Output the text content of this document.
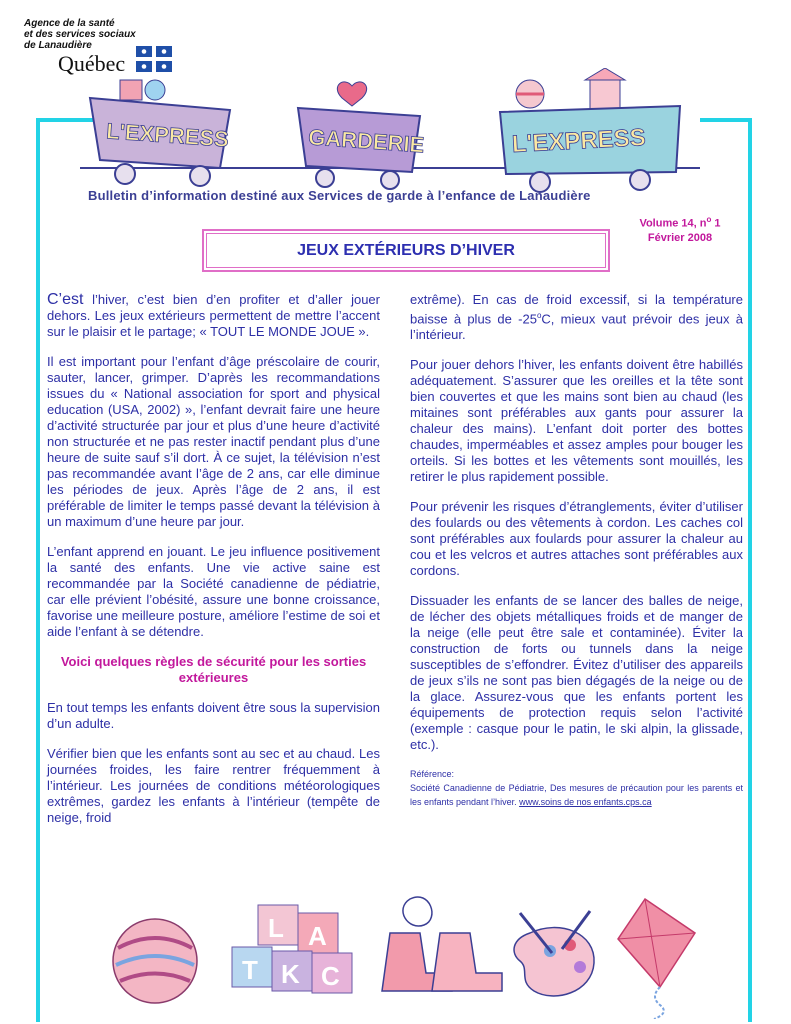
Agence de la santé
et des services sociaux
de Lanaudière
Québec
L'EXPRESS	GARDERIE	L'EXPRESS
Bulletin d’information destiné aux Services de garde à l’enfance de Lanaudière
Volume 14, $n^o$ 1
Février 2008
JEUX EXTÉRIEURS D’HIVER

C’est l’hiver, c’est bien d’en profiter et d’aller jouer dehors. Les jeux extérieurs permettent de mettre l’accent sur le plaisir et le partage; « TOUT LE MONDE JOUE ».

Il est important pour l’enfant d’âge préscolaire de courir, sauter, lancer, grimper. D’après les recommandations issues du « National association for sport and physical education (USA, 2002) », l’enfant devrait faire une heure d’activité structurée par jour et plus d’une heure d’activité non structurée et ne pas rester inactif pendant plus d’une heure de suite sauf s’il dort. À ce sujet, la télévision n’est pas recommandée avant l’âge de 2 ans, car elle diminue les périodes de jeux. Après l’âge de 2 ans, il est préférable de limiter le temps passé devant la télévision à un maximum d’une heure par jour.

L’enfant apprend en jouant. Le jeu influence positivement la santé des enfants. Une vie active saine est recommandée par la Société canadienne de pédiatrie, car elle prévient l’obésité, assure une bonne croissance, favorise une meilleure posture, améliore l’estime de soi et aide l’enfant à se détendre.

Voici quelques règles de sécurité pour les sorties extérieures

En tout temps les enfants doivent être sous la supervision d’un adulte.

Vérifier bien que les enfants sont au sec et au chaud. Les journées froides, les faire rentrer fréquemment à l’intérieur. Les journées de conditions météorologiques extrêmes, gardez les enfants à l’intérieur (tempête de neige, froid

extrême). En cas de froid excessif, si la température baisse à plus de -25$^o$C, mieux vaut prévoir des jeux à l’intérieur.

Pour jouer dehors l’hiver, les enfants doivent être habillés adéquatement. S’assurer que les oreilles et la tête sont bien couvertes et que les mains sont bien au chaud (les mitaines sont préférables aux gants pour assurer la chaleur des mains). L’enfant doit porter des bottes chaudes, imperméables et assez amples pour bouger les orteils. Si les bottes et les vêtements sont mouillés, les retirer le plus rapidement possible.

Pour prévenir les risques d’étranglements, éviter d’utiliser des foulards ou des vêtements à cordon. Les caches col sont préférables aux foulards pour assurer la chaleur au cou et les velcros et autres attaches sont préférables aux cordons.

Dissuader les enfants de se lancer des balles de neige, de lécher des objets métalliques froids et de manger de la neige (elle peut être sale et contaminée). Éviter la construction de forts ou tunnels dans la neige susceptibles de s’effondrer. Évitez d’utiliser des appareils de jeux s’ils ne sont pas bien dégagés de la neige ou de la glace. Assurez-vous que les enfants portent les équipements de protection requis selon l’activité (exemple : casque pour le patin, le ski alpin, la glissade, etc.).

Référence:
Société Canadienne de Pédiatrie, Des mesures de précaution pour les parents et les enfants pendant l’hiver. www.soins de nos enfants.cps.ca
L A
T K C
